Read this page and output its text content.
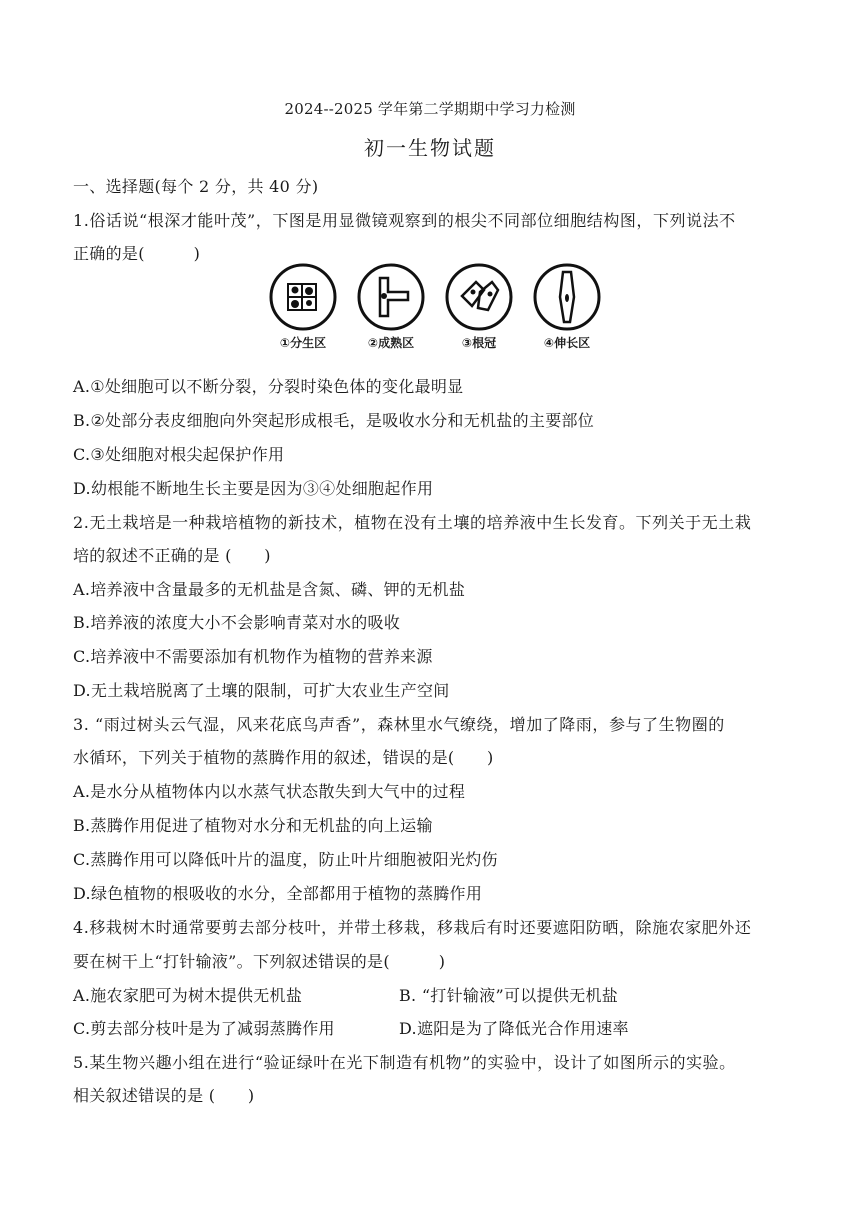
2024--2025 学年第二学期期中学习力检测
初一生物试题
一、选择题(每个 2 分，共 40 分)
1.俗话说“根深才能叶茂”，下图是用显微镜观察到的根尖不同部位细胞结构图，下列说法不
正确的是(　　　)
①分生区	②成熟区	③根冠	④伸长区
A.①处细胞可以不断分裂，分裂时染色体的变化最明显
B.②处部分表皮细胞向外突起形成根毛，是吸收水分和无机盐的主要部位
C.③处细胞对根尖起保护作用
D.幼根能不断地生长主要是因为③④处细胞起作用
2.无土栽培是一种栽培植物的新技术，植物在没有土壤的培养液中生长发育。下列关于无土栽
培的叙述不正确的是 (　　)
A.培养液中含量最多的无机盐是含氮、磷、钾的无机盐
B.培养液的浓度大小不会影响青菜对水的吸收
C.培养液中不需要添加有机物作为植物的营养来源
D.无土栽培脱离了土壤的限制，可扩大农业生产空间
3. “雨过树头云气湿，风来花底鸟声香”，森林里水气缭绕，增加了降雨，参与了生物圈的
水循环，下列关于植物的蒸腾作用的叙述，错误的是(　　)
A.是水分从植物体内以水蒸气状态散失到大气中的过程
B.蒸腾作用促进了植物对水分和无机盐的向上运输
C.蒸腾作用可以降低叶片的温度，防止叶片细胞被阳光灼伤
D.绿色植物的根吸收的水分，全部都用于植物的蒸腾作用
4.移栽树木时通常要剪去部分枝叶，并带土移栽，移栽后有时还要遮阳防晒，除施农家肥外还
要在树干上“打针输液”。下列叙述错误的是(　　　)
A.施农家肥可为树木提供无机盐	B. “打针输液”可以提供无机盐
C.剪去部分枝叶是为了减弱蒸腾作用	D.遮阳是为了降低光合作用速率
5.某生物兴趣小组在进行“验证绿叶在光下制造有机物”的实验中，设计了如图所示的实验。
相关叙述错误的是 (　　)
